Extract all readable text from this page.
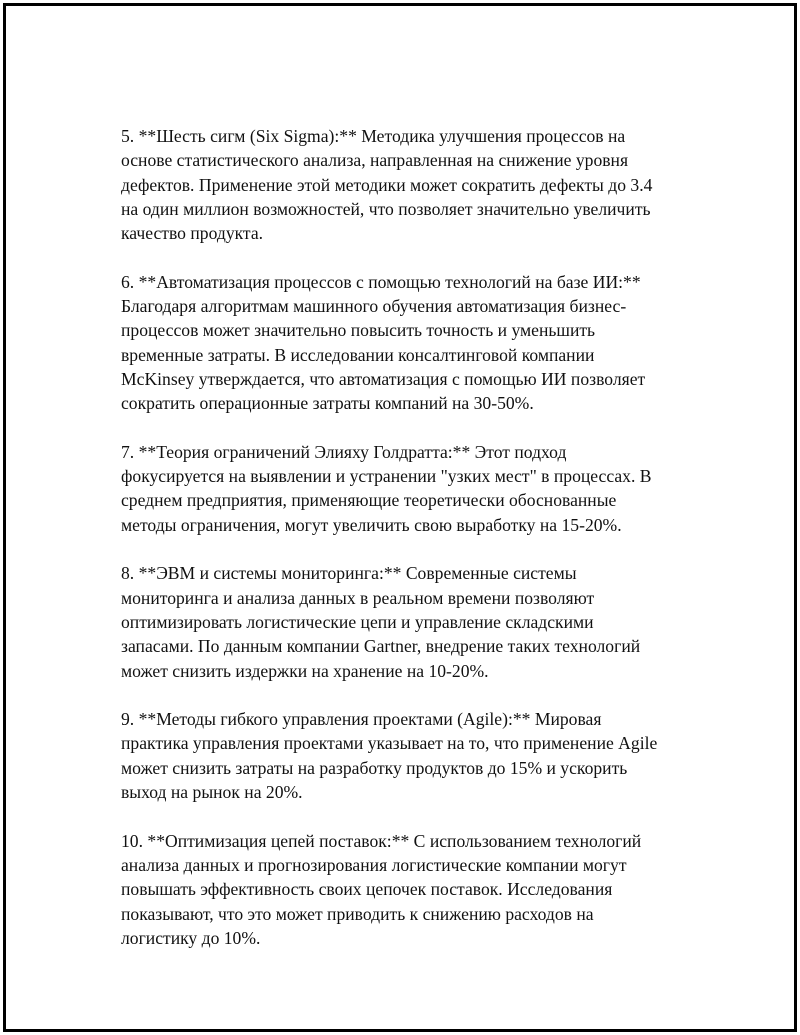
5. **Шесть сигм (Six Sigma):** Методика улучшения процессов на
основе статистического анализа, направленная на снижение уровня
дефектов. Применение этой методики может сократить дефекты до 3.4
на один миллион возможностей, что позволяет значительно увеличить
качество продукта.

6. **Автоматизация процессов с помощью технологий на базе ИИ:**
Благодаря алгоритмам машинного обучения автоматизация бизнес-
процессов может значительно повысить точность и уменьшить
временные затраты. В исследовании консалтинговой компании
McKinsey утверждается, что автоматизация с помощью ИИ позволяет
сократить операционные затраты компаний на 30-50%.

7. **Теория ограничений Элияху Голдратта:** Этот подход
фокусируется на выявлении и устранении "узких мест" в процессах. В
среднем предприятия, применяющие теоретически обоснованные
методы ограничения, могут увеличить свою выработку на 15-20%.

8. **ЭВМ и системы мониторинга:** Современные системы
мониторинга и анализа данных в реальном времени позволяют
оптимизировать логистические цепи и управление складскими
запасами. По данным компании Gartner, внедрение таких технологий
может снизить издержки на хранение на 10-20%.

9. **Методы гибкого управления проектами (Agile):** Мировая
практика управления проектами указывает на то, что применение Agile
может снизить затраты на разработку продуктов до 15% и ускорить
выход на рынок на 20%.

10. **Оптимизация цепей поставок:** С использованием технологий
анализа данных и прогнозирования логистические компании могут
повышать эффективность своих цепочек поставок. Исследования
показывают, что это может приводить к снижению расходов на
логистику до 10%.
